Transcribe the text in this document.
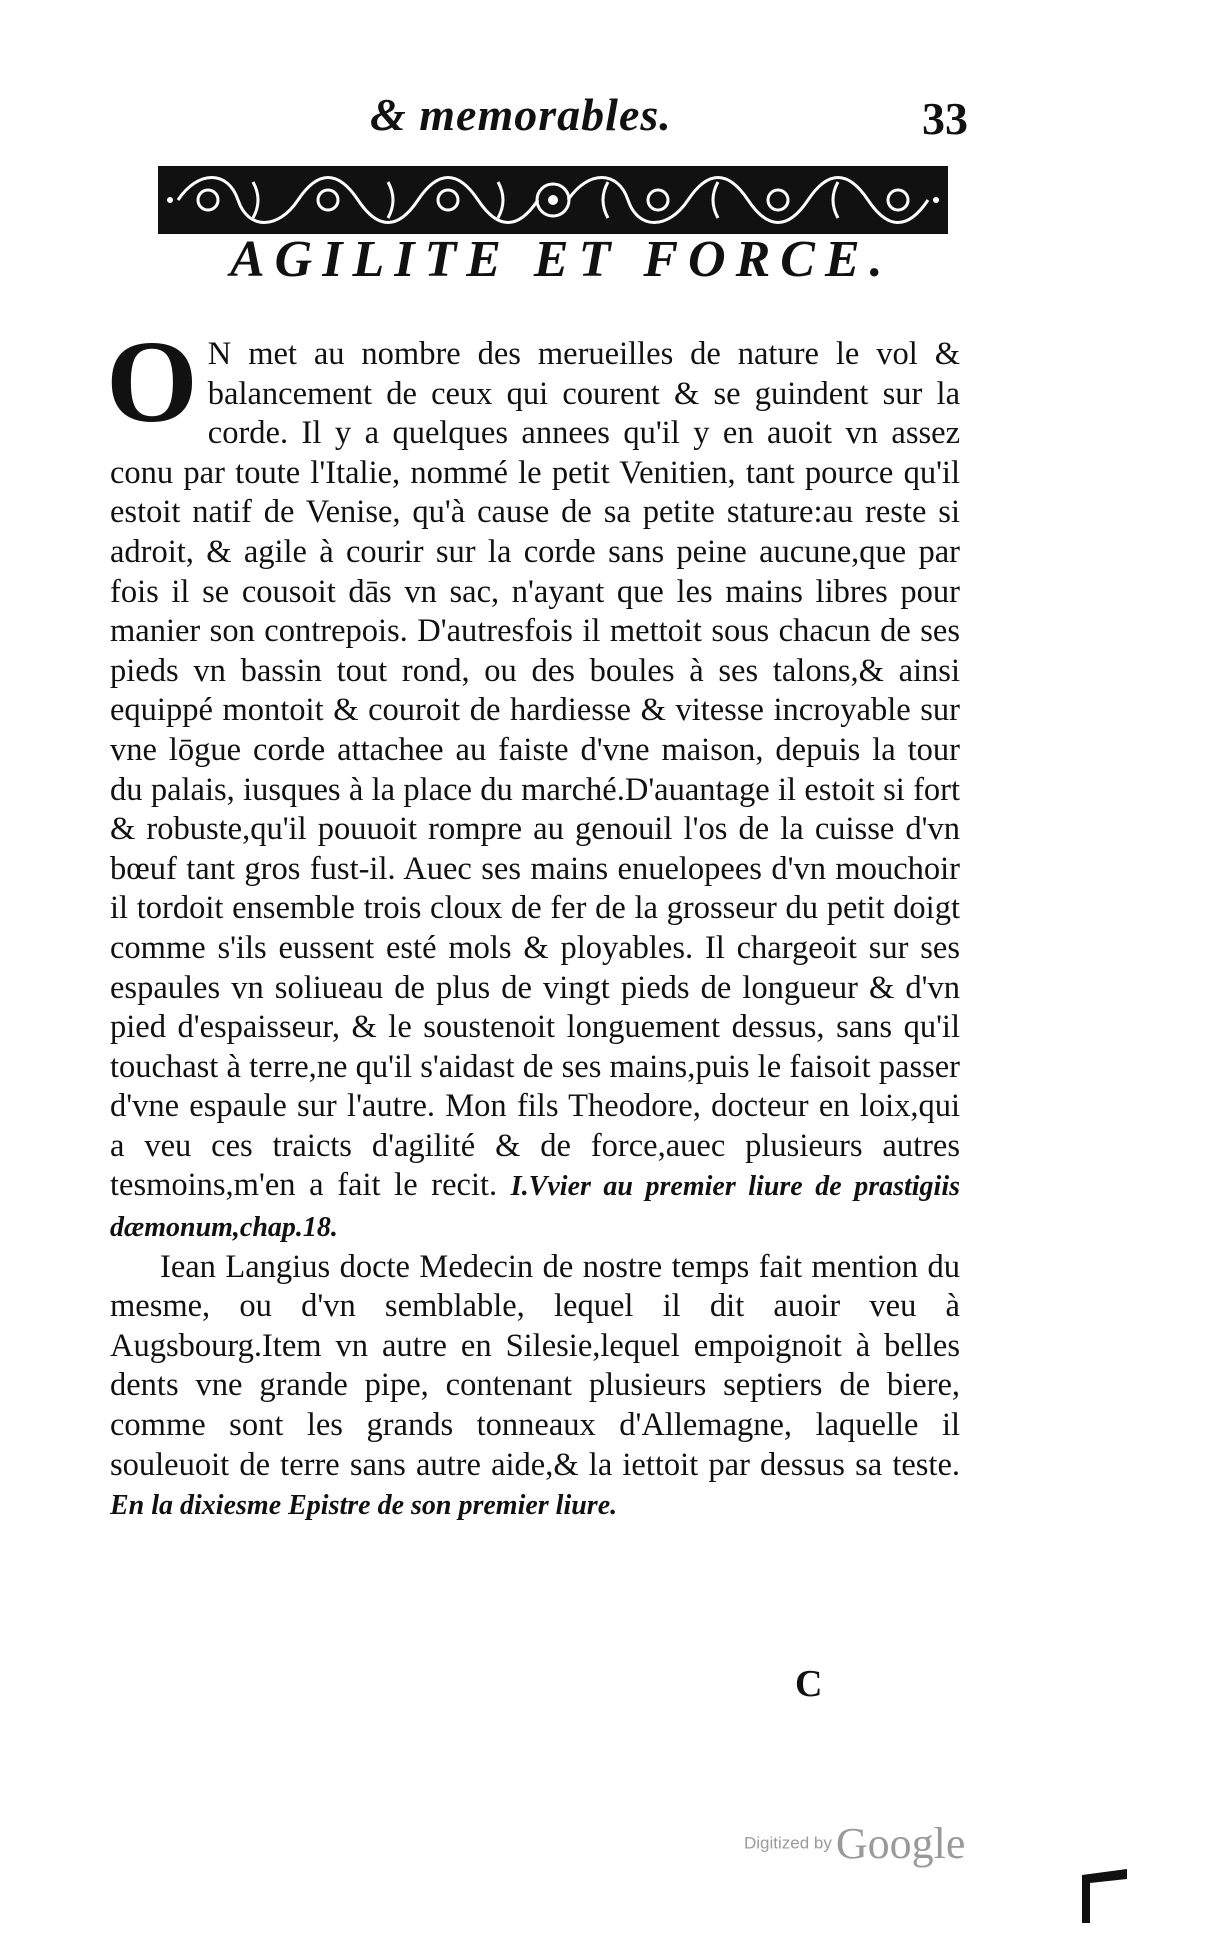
& memorables.	33
AGILITE ET FORCE.

O N met au nombre des merueilles de nature le vol & balancement de ceux qui courent & se guindent sur la corde. Il y a quelques annees qu'il y en auoit vn assez conu par toute l'Italie, nommé le petit Venitien, tant pource qu'il estoit natif de Venise, qu'à cause de sa petite stature:au reste si adroit, & agile à courir sur la corde sans peine aucune,que par fois il se cousoit dās vn sac, n'ayant que les mains libres pour manier son contrepois. D'autresfois il mettoit sous chacun de ses pieds vn bassin tout rond, ou des boules à ses talons,& ainsi equippé montoit & couroit de hardiesse & vitesse incroyable sur vne lōgue corde attachee au faiste d'vne maison, depuis la tour du palais, iusques à la place du marché.D'auantage il estoit si fort & robuste,qu'il pouuoit rompre au genouil l'os de la cuisse d'vn bœuf tant gros fust-il. Auec ses mains enuelopees d'vn mouchoir il tordoit ensemble trois cloux de fer de la grosseur du petit doigt comme s'ils eussent esté mols & ployables. Il chargeoit sur ses espaules vn soliueau de plus de vingt pieds de longueur & d'vn pied d'espaisseur, & le soustenoit longuement dessus, sans qu'il touchast à terre,ne qu'il s'aidast de ses mains,puis le faisoit passer d'vne espaule sur l'autre. Mon fils Theodore, docteur en loix,qui a veu ces traicts d'agilité & de force,auec plusieurs autres tesmoins,m'en a fait le recit. I.Vvier au premier liure de prastigiis dæmonum,chap.18.

Iean Langius docte Medecin de nostre temps fait mention du mesme, ou d'vn semblable, lequel il dit auoir veu à Augsbourg.Item vn autre en Silesie,lequel empoignoit à belles dents vne grande pipe, contenant plusieurs septiers de biere, comme sont les grands tonneaux d'Allemagne, laquelle il souleuoit de terre sans autre aide,& la iettoit par dessus sa teste. En la dixiesme Epistre de son premier liure.

C
Digitized byGoogle
